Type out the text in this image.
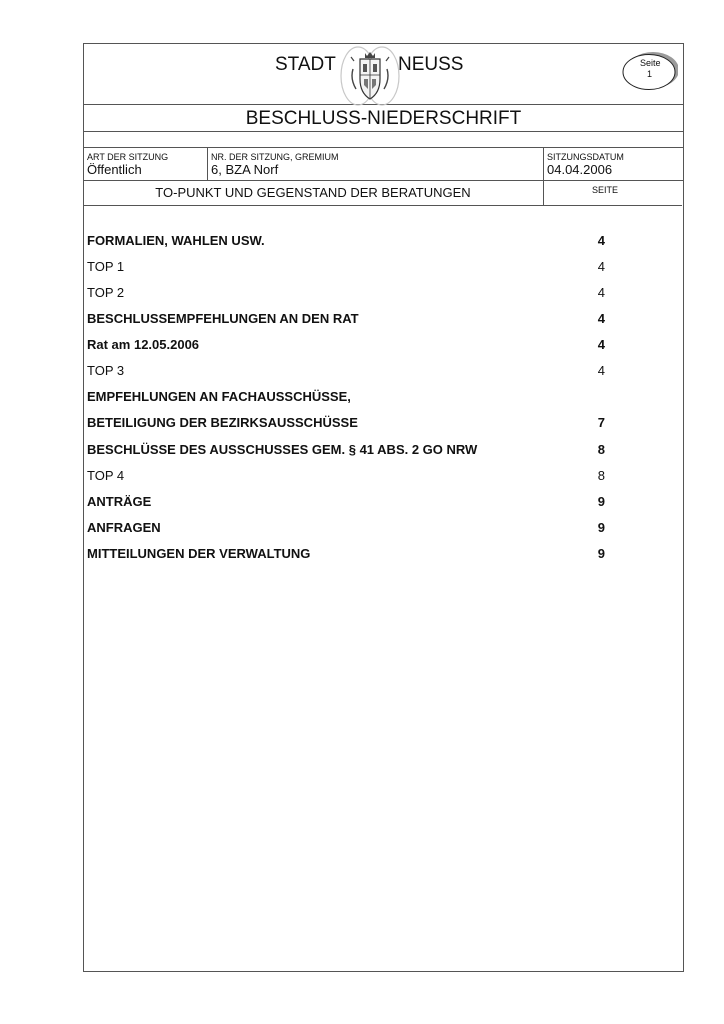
STADT	NEUSS	Seite
1
BESCHLUSS-NIEDERSCHRIFT
ART DER SITZUNG
Öffentlich
NR. DER SITZUNG, GREMIUM
6, BZA Norf
SITZUNGSDATUM
04.04.2006
TO-PUNKT UND GEGENSTAND DER BERATUNGEN	SEITE
FORMALIEN, WAHLEN USW.	4
TOP 1	4
TOP 2	4
BESCHLUSSEMPFEHLUNGEN AN DEN RAT	4
Rat am 12.05.2006	4
TOP 3	4
EMPFEHLUNGEN AN FACHAUSSCHÜSSE,
BETEILIGUNG DER BEZIRKSAUSSCHÜSSE	7
BESCHLÜSSE DES AUSSCHUSSES GEM. § 41 ABS. 2 GO NRW	8
TOP 4	8
ANTRÄGE	9
ANFRAGEN	9
MITTEILUNGEN DER VERWALTUNG	9
